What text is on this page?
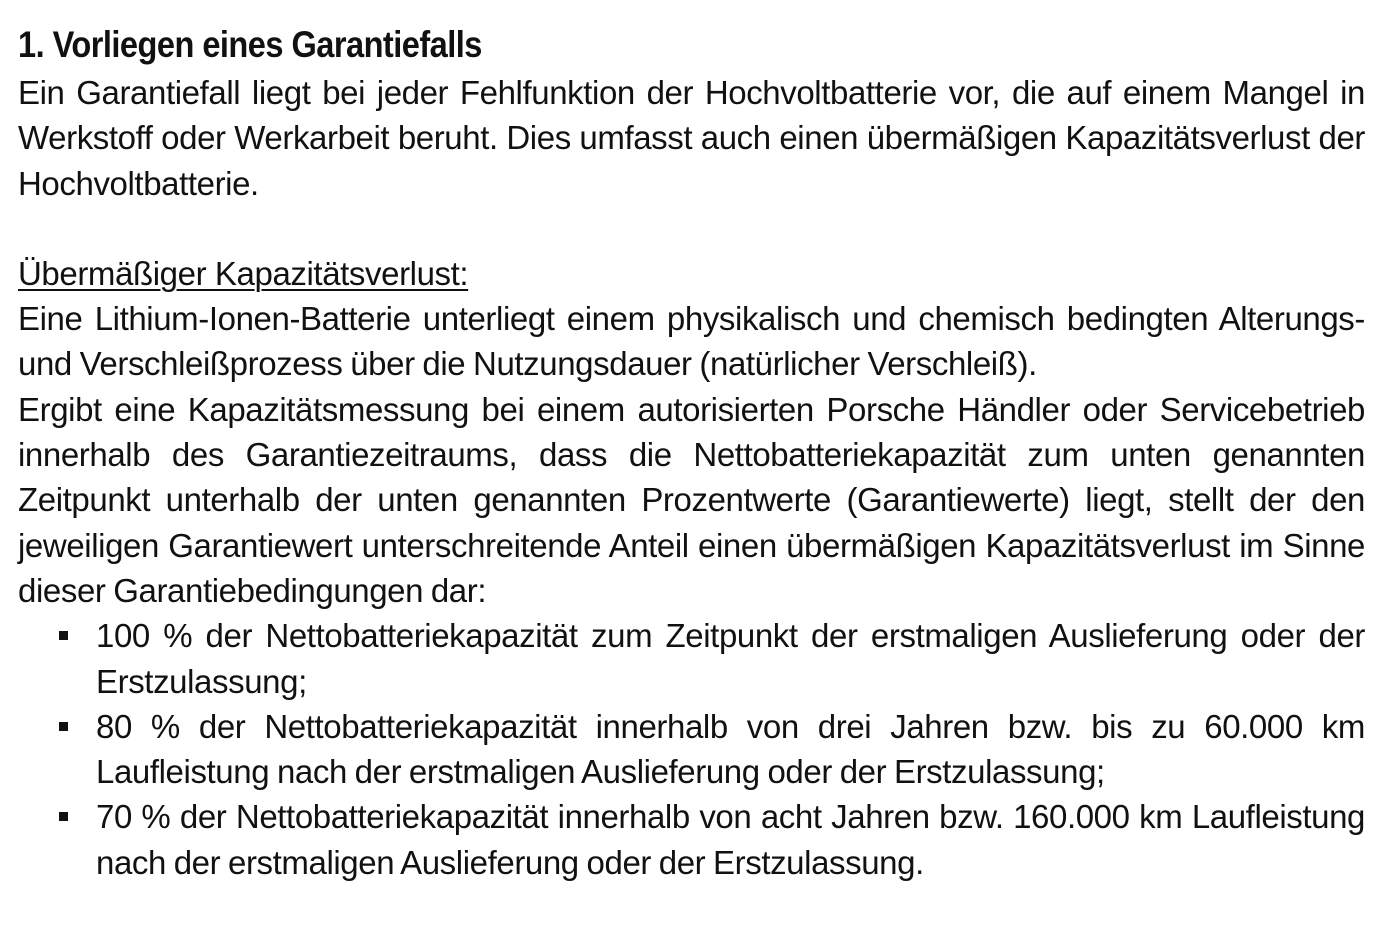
1. Vorliegen eines Garantiefalls

Ein Garantiefall liegt bei jeder Fehlfunktion der Hochvoltbatterie vor, die auf einem Mangel in Werkstoff oder Werkarbeit beruht. Dies umfasst auch einen übermäßigen Kapazitätsverlust der Hochvoltbatterie.

Übermäßiger Kapazitätsverlust:

Eine Lithium-Ionen-Batterie unterliegt einem physikalisch und chemisch bedingten Alterungs- und Verschleißprozess über die Nutzungsdauer (natürlicher Verschleiß).

Ergibt eine Kapazitätsmessung bei einem autorisierten Porsche Händler oder Servicebetrieb innerhalb des Garantiezeitraums, dass die Nettobatteriekapazität zum unten genannten Zeitpunkt unterhalb der unten genannten Prozentwerte (Garantiewerte) liegt, stellt der den jeweiligen Garantiewert unterschreitende Anteil einen übermäßigen Kapazitätsverlust im Sinne dieser Garantiebedingungen dar:

100 % der Nettobatteriekapazität zum Zeitpunkt der erstmaligen Auslieferung oder der Erstzulassung;
80 % der Nettobatteriekapazität innerhalb von drei Jahren bzw. bis zu 60.000 km Laufleistung nach der erstmaligen Auslieferung oder der Erstzulassung;
70 % der Nettobatteriekapazität innerhalb von acht Jahren bzw. 160.000 km Laufleistung nach der erstmaligen Auslieferung oder der Erstzulassung.
